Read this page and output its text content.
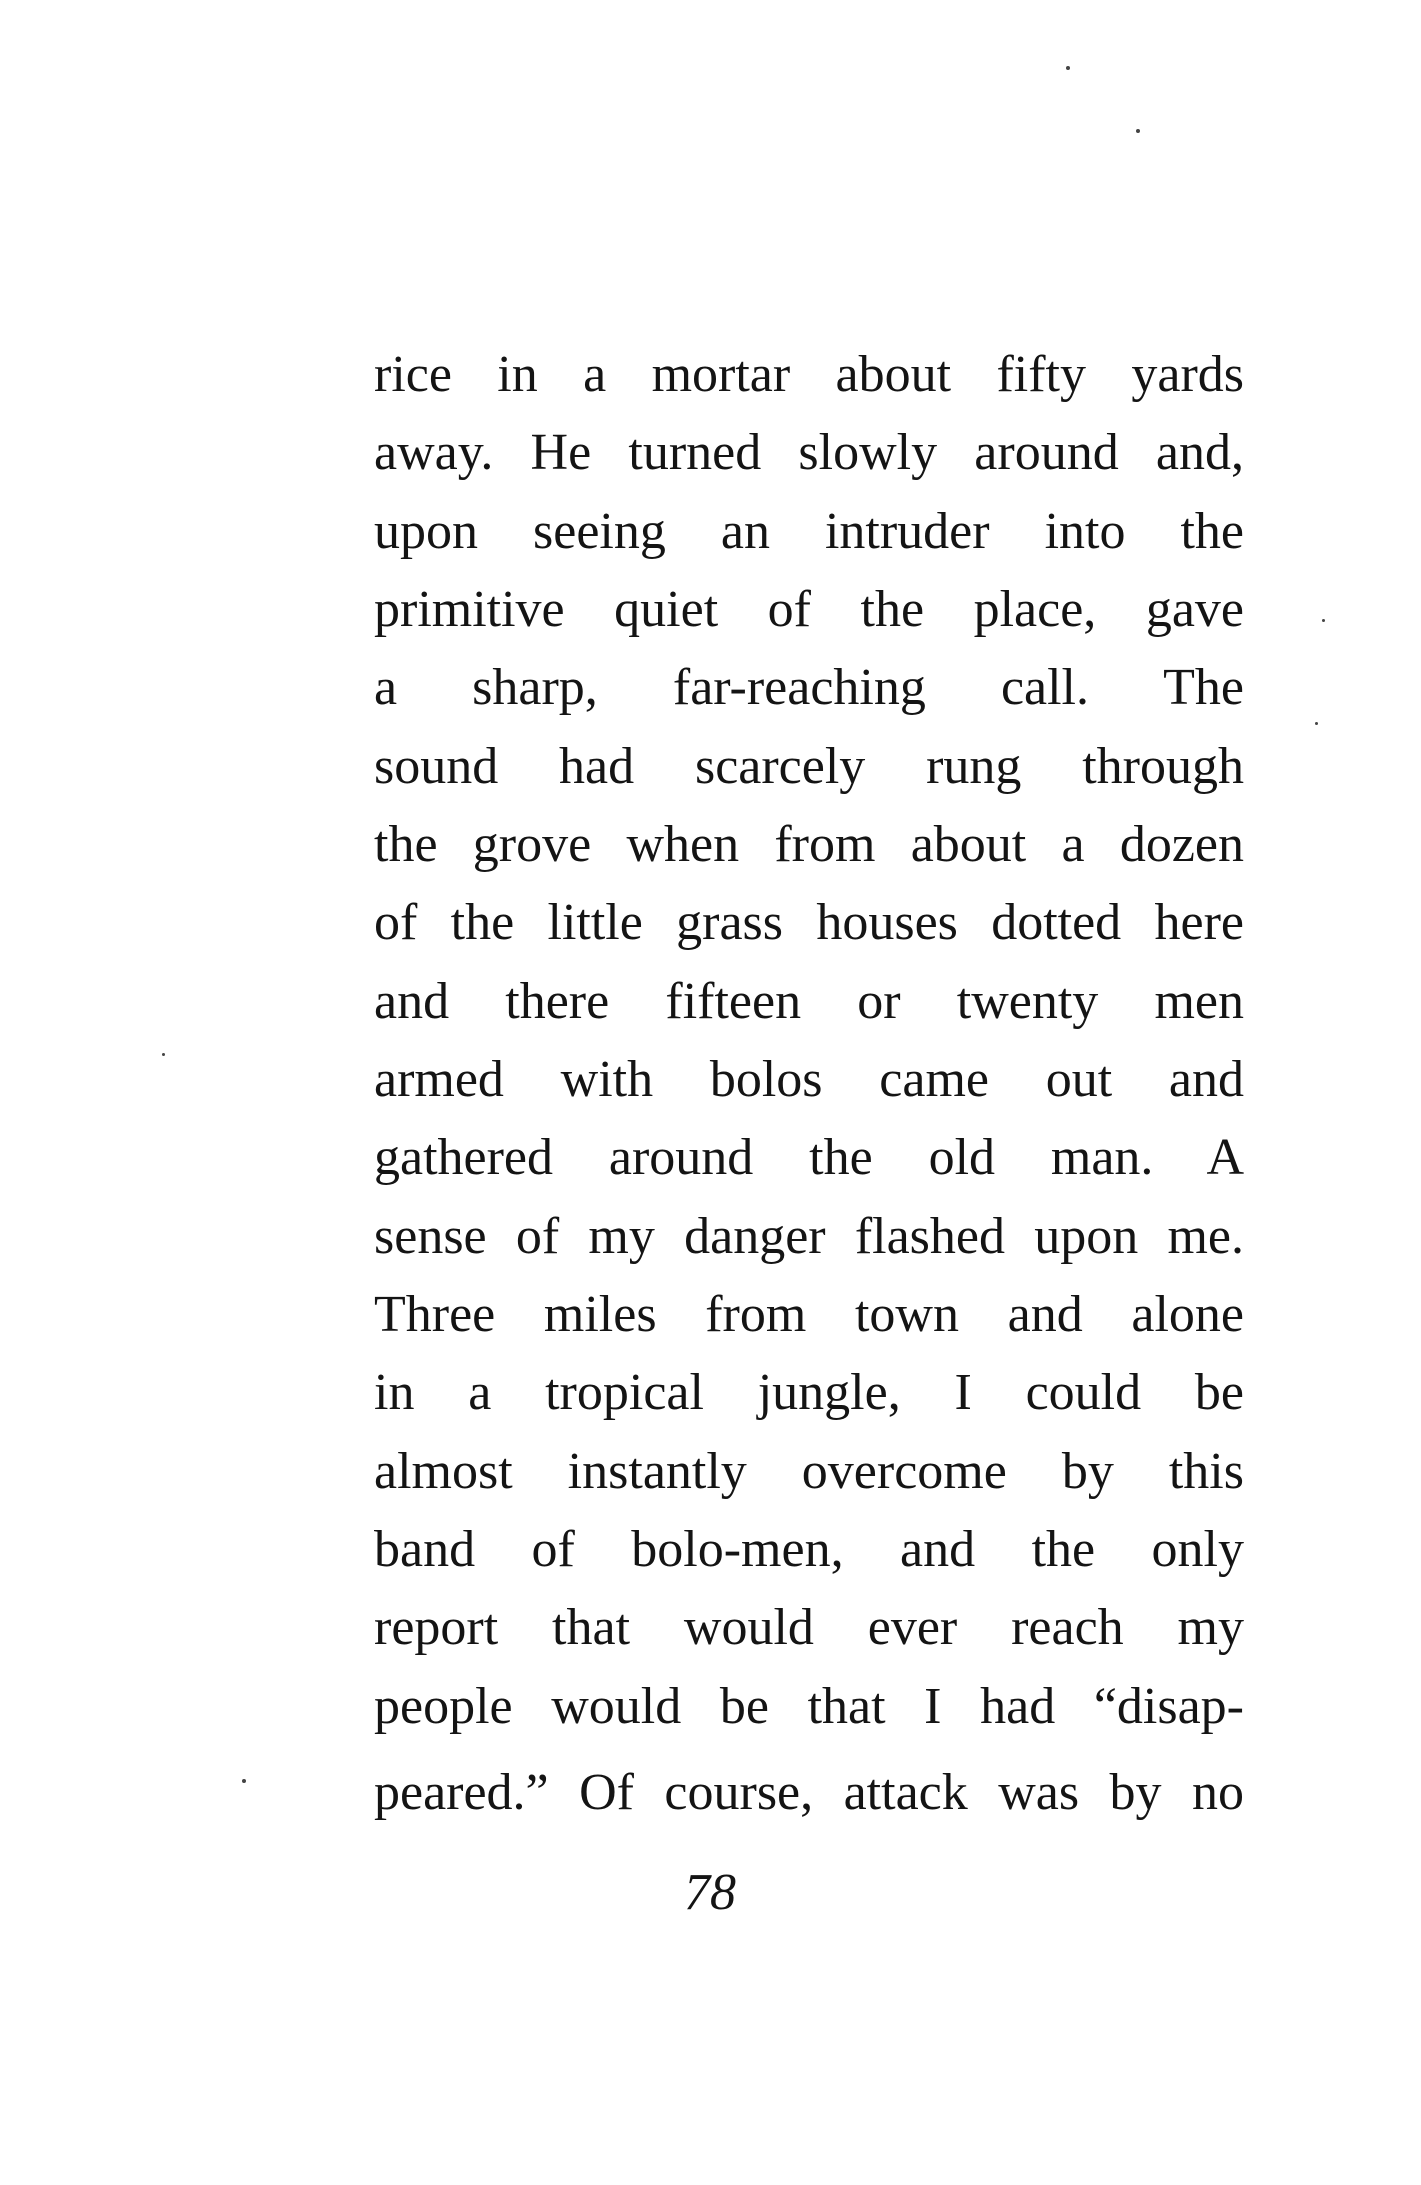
rice in a mortar about fifty yards
away. He turned slowly around and,
upon seeing an intruder into the
primitive quiet of the place, gave
a sharp, far-reaching call. The
sound had scarcely rung through
the grove when from about a dozen
of the little grass houses dotted here
and there fifteen or twenty men
armed with bolos came out and
gathered around the old man. A
sense of my danger flashed upon me.
Three miles from town and alone
in a tropical jungle, I could be
almost instantly overcome by this
band of bolo-men, and the only
report that would ever reach my
people would be that I had “disap-
peared.” Of course, attack was by no
78
